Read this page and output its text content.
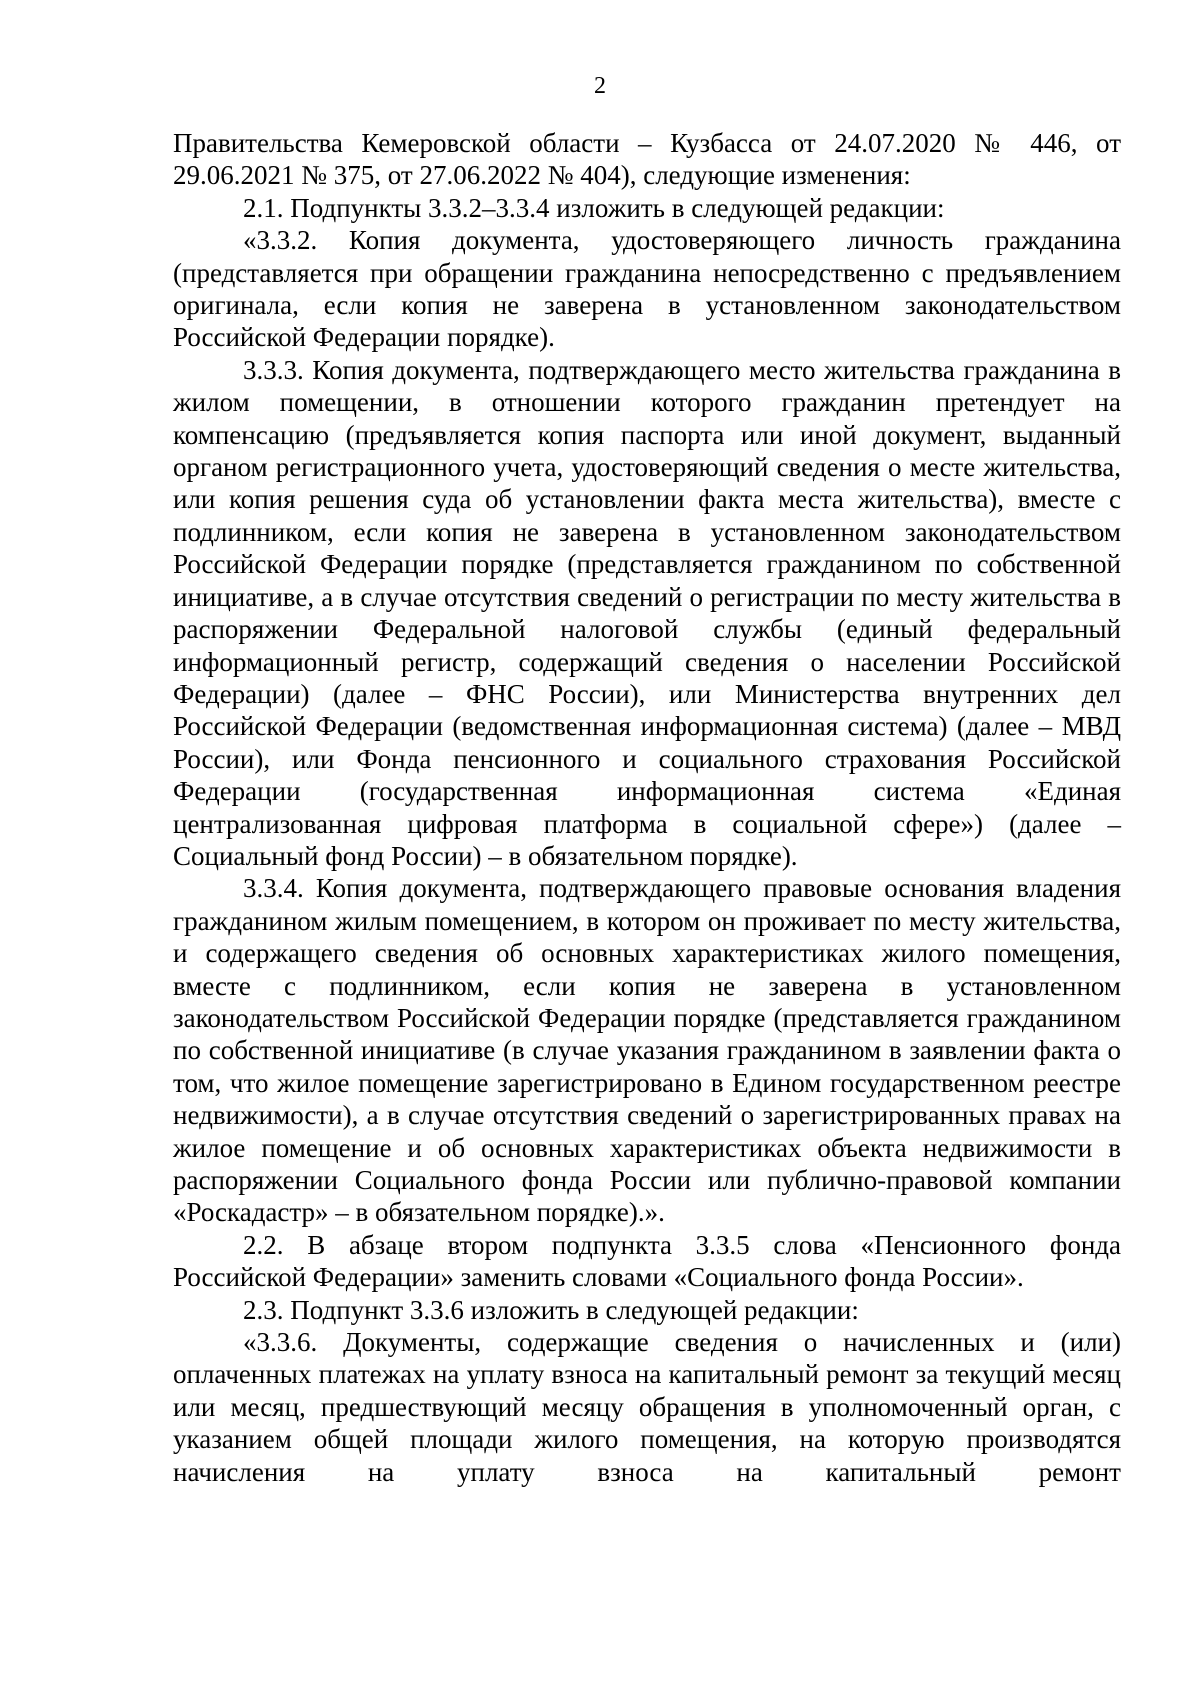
2

Правительства Кемеровской области – Кузбасса от 24.07.2020 № 446, от 29.06.2021 № 375, от 27.06.2022 № 404), следующие изменения:

2.1. Подпункты 3.3.2–3.3.4 изложить в следующей редакции:

«3.3.2. Копия документа, удостоверяющего личность гражданина (представляется при обращении гражданина непосредственно с предъявлением оригинала, если копия не заверена в установленном законодательством Российской Федерации порядке).

3.3.3. Копия документа, подтверждающего место жительства гражданина в жилом помещении, в отношении которого гражданин претендует на компенсацию (предъявляется копия паспорта или иной документ, выданный органом регистрационного учета, удостоверяющий сведения о месте жительства, или копия решения суда об установлении факта места жительства), вместе с подлинником, если копия не заверена в установленном законодательством Российской Федерации порядке (представляется гражданином по собственной инициативе, а в случае отсутствия сведений о регистрации по месту жительства в распоряжении Федеральной налоговой службы (единый федеральный информационный регистр, содержащий сведения о населении Российской Федерации) (далее – ФНС России), или Министерства внутренних дел Российской Федерации (ведомственная информационная система) (далее – МВД России), или Фонда пенсионного и социального страхования Российской Федерации (государственная информационная система «Единая централизованная цифровая платформа в социальной сфере») (далее – Социальный фонд России) – в обязательном порядке).

3.3.4. Копия документа, подтверждающего правовые основания владения гражданином жилым помещением, в котором он проживает по месту жительства, и содержащего сведения об основных характеристиках жилого помещения, вместе с подлинником, если копия не заверена в установленном законодательством Российской Федерации порядке (представляется гражданином по собственной инициативе (в случае указания гражданином в заявлении факта о том, что жилое помещение зарегистрировано в Едином государственном реестре недвижимости), а в случае отсутствия сведений о зарегистрированных правах на жилое помещение и об основных характеристиках объекта недвижимости в распоряжении Социального фонда России или публично-правовой компании «Роскадастр» – в обязательном порядке).».

2.2. В абзаце втором подпункта 3.3.5 слова «Пенсионного фонда Российской Федерации» заменить словами «Социального фонда России».

2.3. Подпункт 3.3.6 изложить в следующей редакции:

«3.3.6. Документы, содержащие сведения о начисленных и (или) оплаченных платежах на уплату взноса на капитальный ремонт за текущий месяц или месяц, предшествующий месяцу обращения в уполномоченный орган, с указанием общей площади жилого помещения, на которую производятся начисления на уплату взноса на капитальный ремонт
